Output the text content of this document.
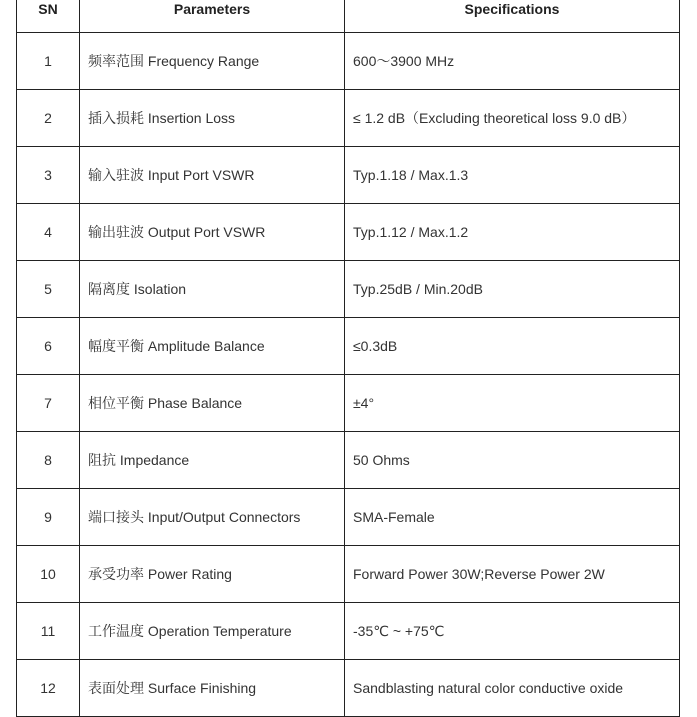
SN	Parameters	Specifications
1	频率范围 Frequency Range	600～3900 MHz
2	插入损耗 Insertion Loss	≤ 1.2 dB（Excluding theoretical loss 9.0 dB）
3	输入驻波 Input Port VSWR	Typ.1.18 / Max.1.3
4	输出驻波 Output Port VSWR	Typ.1.12 / Max.1.2
5	隔离度 Isolation	Typ.25dB / Min.20dB
6	幅度平衡 Amplitude Balance	≤0.3dB
7	相位平衡 Phase Balance	±4°
8	阻抗 Impedance	50 Ohms
9	端口接头 Input/Output Connectors	SMA-Female
10	承受功率 Power Rating	Forward Power 30W;Reverse Power 2W
11	工作温度 Operation Temperature	-35℃ ~ +75℃
12	表面处理 Surface Finishing	Sandblasting natural color conductive oxide
